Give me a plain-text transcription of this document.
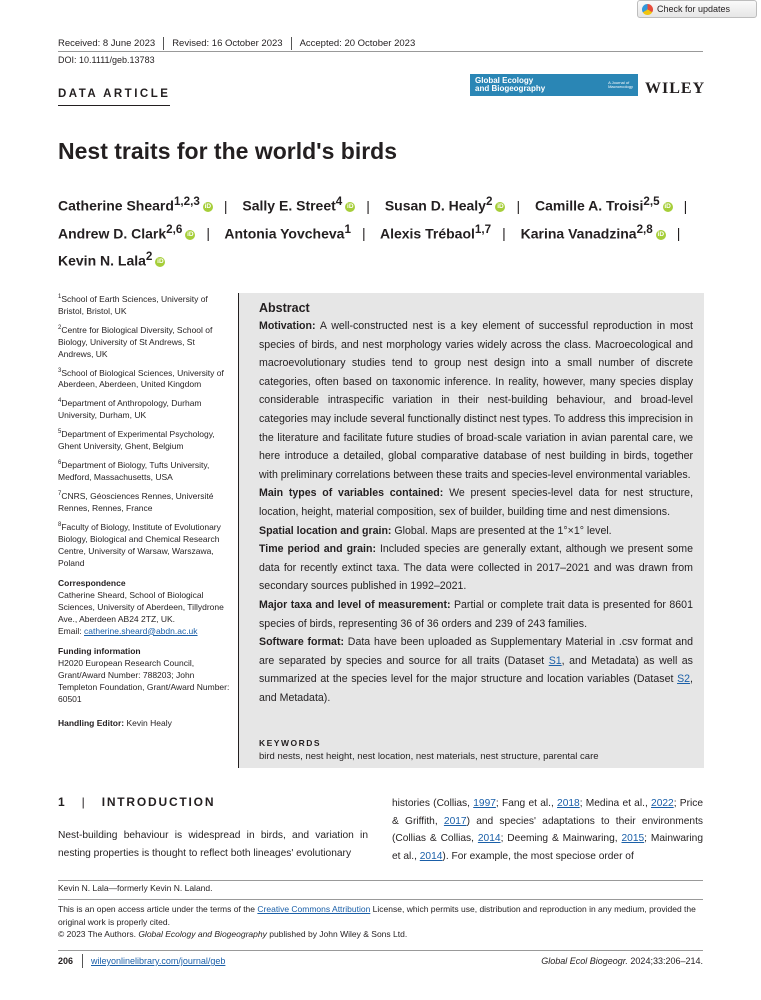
Check for updates
Received: 8 June 2023 Revised: 16 October 2023 Accepted: 20 October 2023
DOI: 10.1111/geb.13783
DATA ARTICLE
Global Ecology
and Biogeography
A Journal of
Macroecology WILEY
Nest traits for the world's birds
Catherine Sheard$^{1,2,3}$ iD | Sally E. Street$^4$ iD | Susan D. Healy$^2$ iD | Camille A. Troisi$^{2,5}$ iD | Andrew D. Clark$^{2,6}$ iD | Antonia Yovcheva$^1$ | Alexis Trébaol$^{1,7}$ | Karina Vanadzina$^{2,8}$ iD | Kevin N. Lala$^2$ iD
$^1$School of Earth Sciences, University of Bristol, Bristol, UK
$^2$Centre for Biological Diversity, School of Biology, University of St Andrews, St Andrews, UK
$^3$School of Biological Sciences, University of Aberdeen, Aberdeen, United Kingdom
$^4$Department of Anthropology, Durham University, Durham, UK
$^5$Department of Experimental Psychology, Ghent University, Ghent, Belgium
$^6$Department of Biology, Tufts University, Medford, Massachusetts, USA
$^7$CNRS, Géosciences Rennes, Université Rennes, Rennes, France
$^8$Faculty of Biology, Institute of Evolutionary Biology, Biological and Chemical Research Centre, University of Warsaw, Warszawa, Poland
Correspondence
Catherine Sheard, School of Biological Sciences, University of Aberdeen, Tillydrone Ave., Aberdeen AB24 2TZ, UK.
Email: catherine.sheard@abdn.ac.uk
Funding information
H2020 European Research Council, Grant/Award Number: 788203; John Templeton Foundation, Grant/Award Number: 60501
Handling Editor: Kevin Healy
Abstract
Motivation: A well-constructed nest is a key element of successful reproduction in most species of birds, and nest morphology varies widely across the class. Macroecological and macroevolutionary studies tend to group nest design into a small number of discrete categories, often based on taxonomic inference. In reality, however, many species display considerable intraspecific variation in their nest-building behaviour, and broad-level categories may include several functionally distinct nest types. To address this imprecision in the literature and facilitate future studies of broad-scale variation in avian parental care, we here introduce a detailed, global comparative database of nest building in birds, together with preliminary correlations between these traits and species-level environmental variables.
Main types of variables contained: We present species-level data for nest structure, location, height, material composition, sex of builder, building time and nest dimensions.
Spatial location and grain: Global. Maps are presented at the 1°×1° level.
Time period and grain: Included species are generally extant, although we present some data for recently extinct taxa. The data were collected in 2017–2021 and was drawn from secondary sources published in 1992–2021.
Major taxa and level of measurement: Partial or complete trait data is presented for 8601 species of birds, representing 36 of 36 orders and 239 of 243 families.
Software format: Data have been uploaded as Supplementary Material in .csv format and are separated by species and source for all traits (Dataset S1, and Metadata) as well as summarized at the species level for the major structure and location variables (Dataset S2, and Metadata).
KEYWORDS
bird nests, nest height, nest location, nest materials, nest structure, parental care
1 | INTRODUCTION
Nest-building behaviour is widespread in birds, and variation in nesting properties is thought to reflect both lineages' evolutionary
histories (Collias, 1997; Fang et al., 2018; Medina et al., 2022; Price & Griffith, 2017) and species' adaptations to their environments (Collias & Collias, 2014; Deeming & Mainwaring, 2015; Mainwaring et al., 2014). For example, the most speciose order of
Kevin N. Lala—formerly Kevin N. Laland.
This is an open access article under the terms of the Creative Commons Attribution License, which permits use, distribution and reproduction in any medium, provided the original work is properly cited.
© 2023 The Authors. Global Ecology and Biogeography published by John Wiley & Sons Ltd.
206 wileyonlinelibrary.com/journal/geb	Global Ecol Biogeogr. 2024;33:206–214.
